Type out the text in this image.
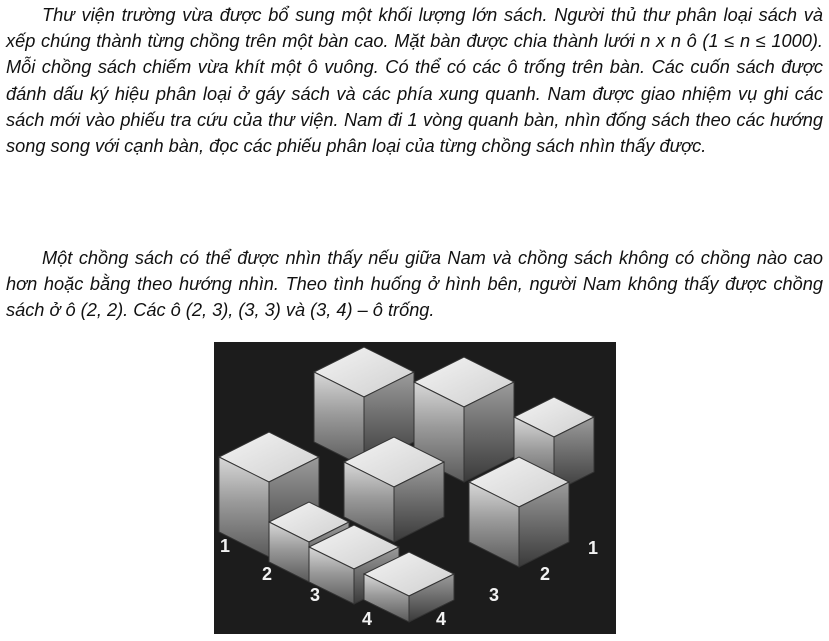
Thư viện trường vừa được bổ sung một khối lượng lớn sách. Người thủ thư phân loại sách và xếp chúng thành từng chồng trên một bàn cao. Mặt bàn được chia thành lưới n x n ô (1 ≤ n ≤ 1000). Mỗi chồng sách chiếm vừa khít một ô vuông. Có thể có các ô trống trên bàn. Các cuốn sách được đánh dấu ký hiệu phân loại ở gáy sách và các phía xung quanh. Nam được giao nhiệm vụ ghi các sách mới vào phiếu tra cứu của thư viện. Nam đi 1 vòng quanh bàn, nhìn đống sách theo các hướng song song với cạnh bàn, đọc các phiếu phân loại của từng chồng sách nhìn thấy được.

Một chồng sách có thể được nhìn thấy nếu giữa Nam và chồng sách không có chồng nào cao hơn hoặc bằng theo hướng nhìn. Theo tình huống ở hình bên, người Nam không thấy được chồng sách ở ô (2, 2). Các ô (2, 3), (3, 3) và (3, 4) – ô trống.

1
2
3
4	4
3
2
1
